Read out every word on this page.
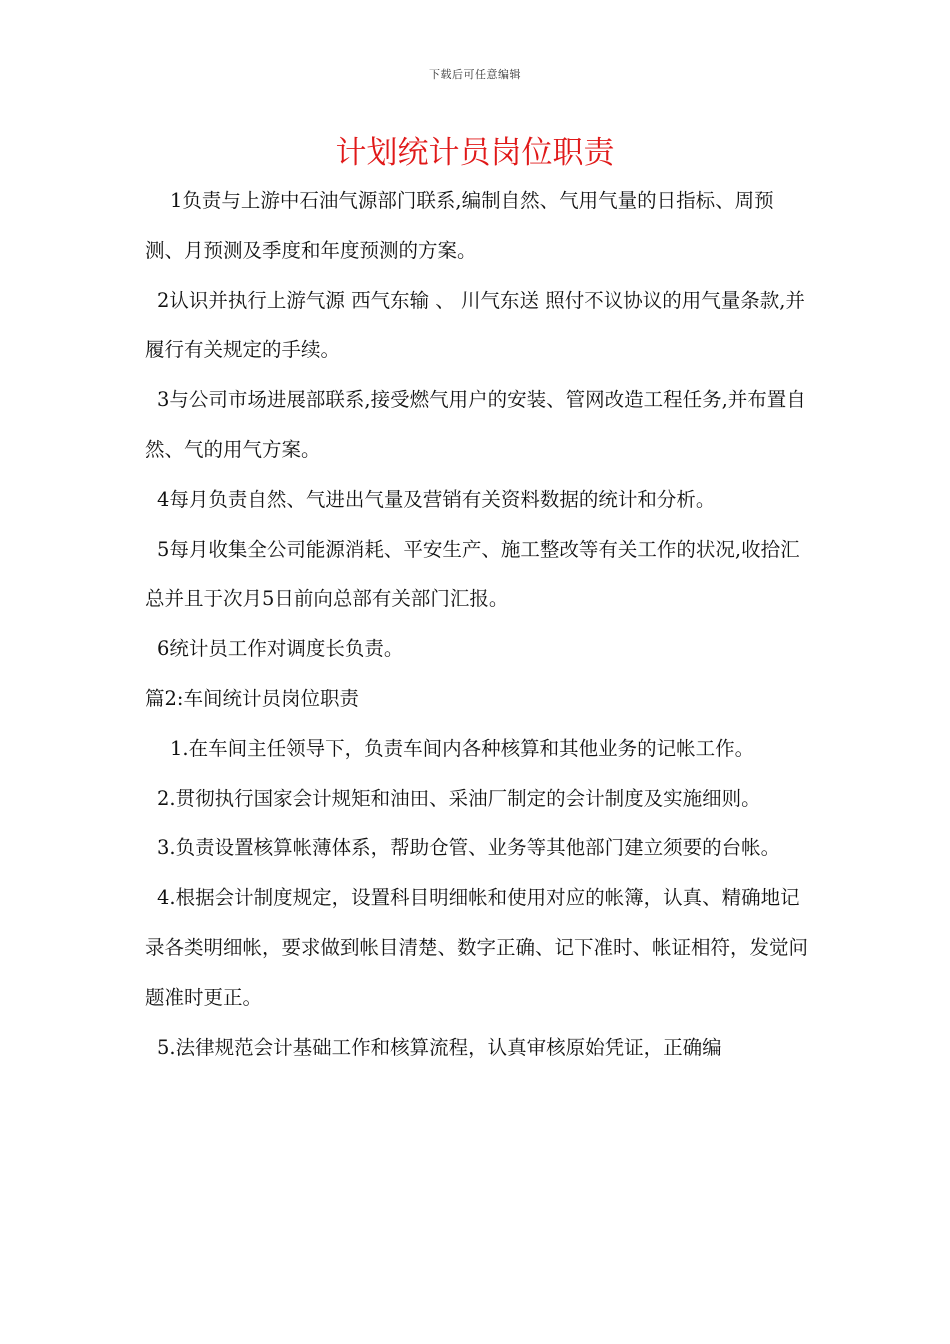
下载后可任意编辑
计划统计员岗位职责

1负责与上游中石油气源部门联系,编制自然、气用气量的日指标、周预测、月预测及季度和年度预测的方案。

2认识并执行上游气源 西气东输 、 川气东送 照付不议协议的用气量条款,并履行有关规定的手续。

3与公司市场进展部联系,接受燃气用户的安装、管网改造工程任务,并布置自然、气的用气方案。

4每月负责自然、气进出气量及营销有关资料数据的统计和分析。

5每月收集全公司能源消耗、平安生产、施工整改等有关工作的状况,收拾汇总并且于次月5日前向总部有关部门汇报。

6统计员工作对调度长负责。

篇2:车间统计员岗位职责

1.在车间主任领导下，负责车间内各种核算和其他业务的记帐工作。

2.贯彻执行国家会计规矩和油田、采油厂制定的会计制度及实施细则。

3.负责设置核算帐薄体系，帮助仓管、业务等其他部门建立须要的台帐。

4.根据会计制度规定，设置科目明细帐和使用对应的帐簿，认真、精确地记录各类明细帐，要求做到帐目清楚、数字正确、记下准时、帐证相符，发觉问题准时更正。

5.法律规范会计基础工作和核算流程，认真审核原始凭证，正确编
